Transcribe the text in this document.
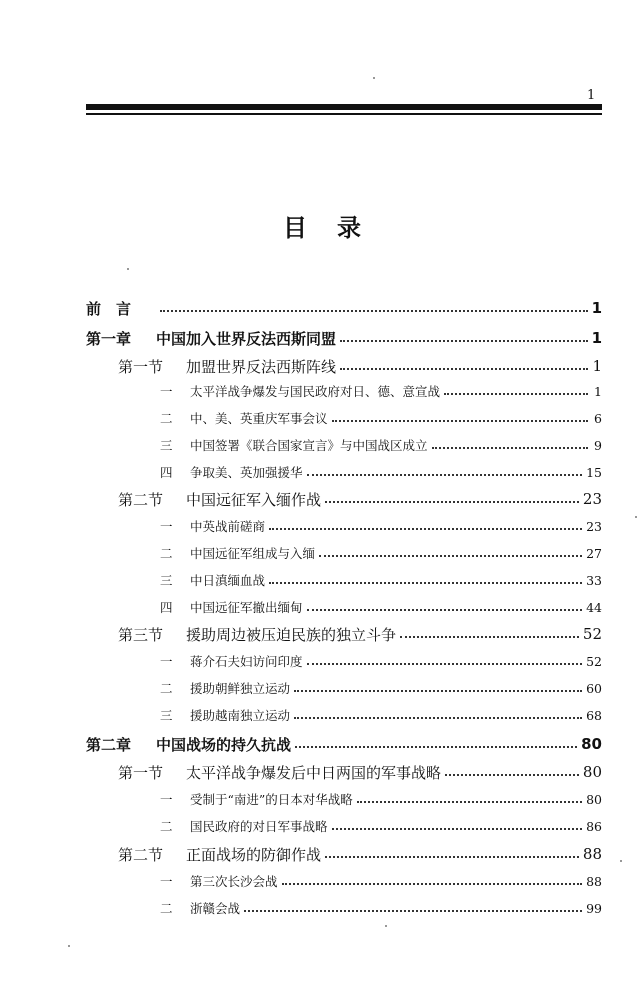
1
目 录
前　言	1
第一章	中国加入世界反法西斯同盟	1
第一节	加盟世界反法西斯阵线	1
一	太平洋战争爆发与国民政府对日、德、意宣战	1
二	中、美、英重庆军事会议	6
三	中国签署《联合国家宣言》与中国战区成立	9
四	争取美、英加强援华	15
第二节	中国远征军入缅作战	23
一	中英战前磋商	23
二	中国远征军组成与入缅	27
三	中日滇缅血战	33
四	中国远征军撤出缅甸	44
第三节	援助周边被压迫民族的独立斗争	52
一	蒋介石夫妇访问印度	52
二	援助朝鲜独立运动	60
三	援助越南独立运动	68
第二章	中国战场的持久抗战	80
第一节	太平洋战争爆发后中日两国的军事战略	80
一	受制于“南进”的日本对华战略	80
二	国民政府的对日军事战略	86
第二节	正面战场的防御作战	88
一	第三次长沙会战	88
二	浙赣会战	99
